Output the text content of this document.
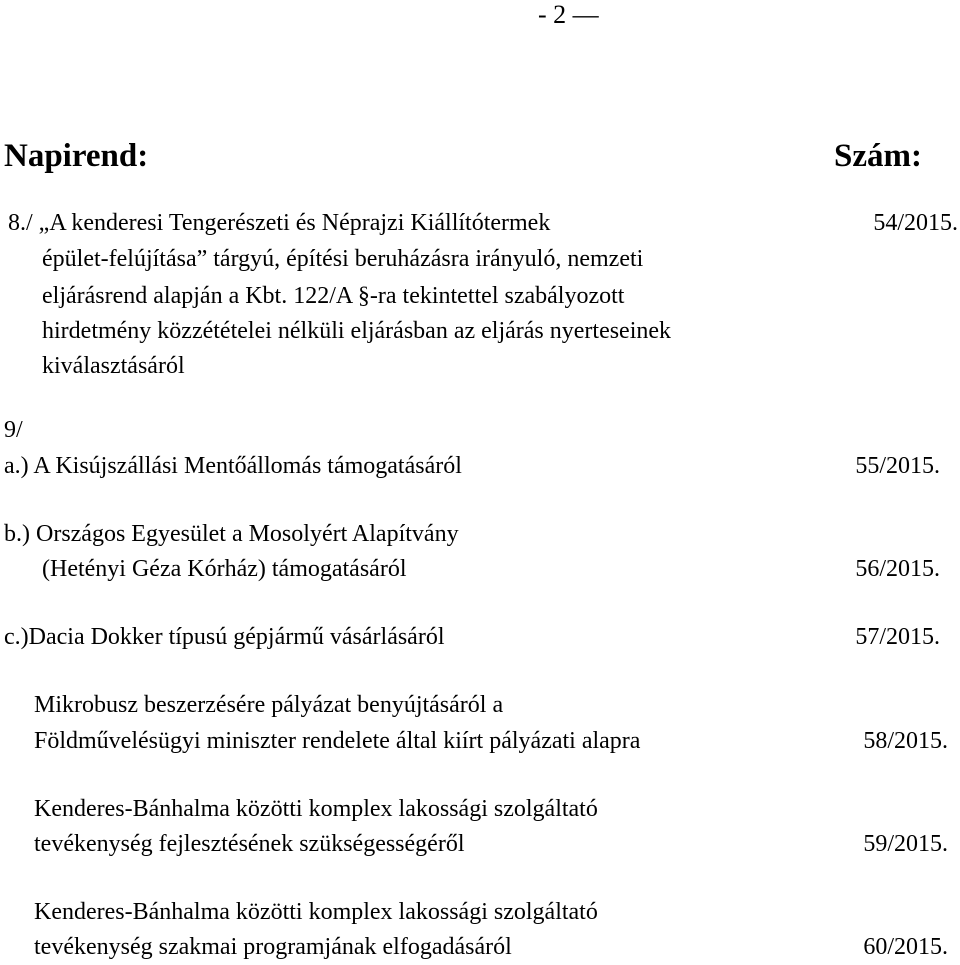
- 2 —
Napirend:	Szám:
8./ „A kenderesi Tengerészeti és Néprajzi Kiállítótermek
épület-felújítása” tárgyú, építési beruházásra irányuló, nemzeti
eljárásrend alapján a Kbt. 122/A §-ra tekintettel szabályozott
hirdetmény közzétételei nélküli eljárásban az eljárás nyerteseinek
kiválasztásáról
54/2015.
9/
a.) A Kisújszállási Mentőállomás támogatásáról	55/2015.
b.) Országos Egyesület a Mosolyért Alapítvány
(Hetényi Géza Kórház) támogatásáról	56/2015.
c.)Dacia Dokker típusú gépjármű vásárlásáról	57/2015.
Mikrobusz beszerzésére pályázat benyújtásáról a
Földművelésügyi miniszter rendelete által kiírt pályázati alapra	58/2015.
Kenderes-Bánhalma közötti komplex lakossági szolgáltató
tevékenység fejlesztésének szükségességéről	59/2015.
Kenderes-Bánhalma közötti komplex lakossági szolgáltató
tevékenység szakmai programjának elfogadásáról	60/2015.
